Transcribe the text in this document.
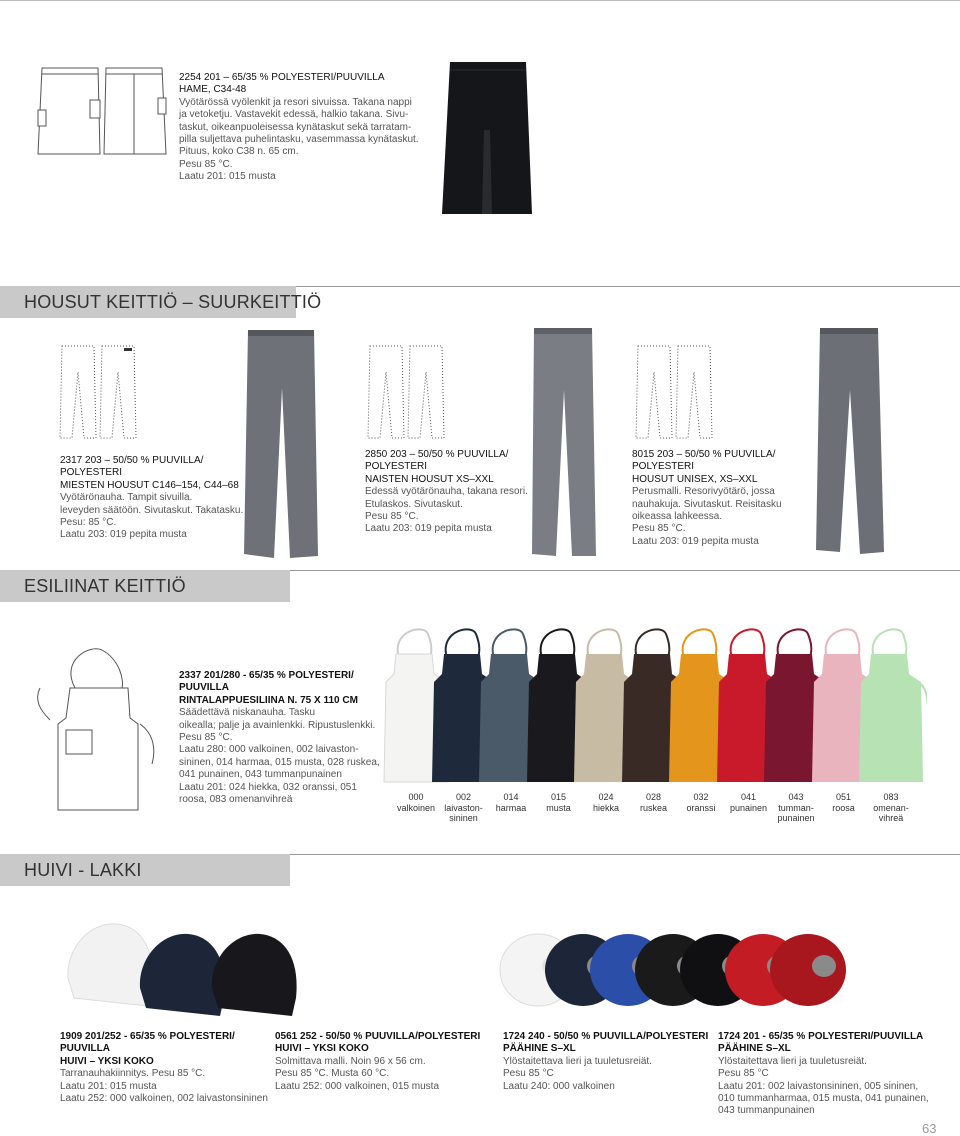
2254 201 – 65/35 % POLYESTERI/PUUVILLA
HAME, C34-48
Vyötärössä vyölenkit ja resori sivuissa. Takana nappi
ja vetoketju. Vastavekit edessä, halkio takana. Sivu-
taskut, oikeanpuoleisessa kynätaskut sekä tarratam-
pilla suljettava puhelintasku, vasemmassa kynätaskut.
Pituus, koko C38 n. 65 cm.
Pesu 85 °C.
Laatu 201: 015 musta
HOUSUT KEITTIÖ – SUURKEITTIÖ
2317 203 – 50/50 % PUUVILLA/
POLYESTERI
MIESTEN HOUSUT C146–154, C44–68
Vyötärönauha. Tampit sivuilla.
leveyden säätöön. Sivutaskut. Takatasku.
Pesu: 85 °C.
Laatu 203: 019 pepita musta
2850 203 – 50/50 % PUUVILLA/
POLYESTERI
NAISTEN HOUSUT XS–XXL
Edessä vyötärönauha, takana resori.
Etulaskos. Sivutaskut.
Pesu 85 °C.
Laatu 203: 019 pepita musta
8015 203 – 50/50 % PUUVILLA/
POLYESTERI
HOUSUT UNISEX, XS–XXL
Perusmalli. Resorivyötärö, jossa
nauhakuja. Sivutaskut. Reisitasku
oikeassa lahkeessa.
Pesu 85 °C.
Laatu 203: 019 pepita musta
ESILIINAT KEITTIÖ
2337 201/280 - 65/35 % POLYESTERI/
PUUVILLA
RINTALAPPUESILIINA N. 75 X 110 CM
Säädettävä niskanauha. Tasku
oikealla; palje ja avainlenkki. Ripustuslenkki.
Pesu 85 °C.
Laatu 280: 000 valkoinen, 002 laivaston-
sininen, 014 harmaa, 015 musta, 028 ruskea,
041 punainen, 043 tummanpunainen
Laatu 201: 024 hiekka, 032 oranssi, 051
roosa, 083 omenanvihreä	000
valkoinen
002
laivaston-
sininen
014
harmaa
015
musta
024
hiekka
028
ruskea
032
oranssi
041
punainen
043
tumman-
punainen
051
roosa
083
omenan-
vihreä
HUIVI - LAKKI
1909 201/252 - 65/35 % POLYESTERI/
PUUVILLA
HUIVI – YKSI KOKO
Tarranauhakiinnitys. Pesu 85 °C.
Laatu 201: 015 musta
Laatu 252: 000 valkoinen, 002 laivastonsininen
0561 252 - 50/50 % PUUVILLA/POLYESTERI
HUIVI – YKSI KOKO
Solmittava malli. Noin 96 x 56 cm.
Pesu 85 °C. Musta 60 °C.
Laatu 252: 000 valkoinen, 015 musta
1724 240 - 50/50 % PUUVILLA/POLYESTERI
PÄÄHINE S–XL
Ylöstaitettava lieri ja tuuletusreiät.
Pesu 85 °C
Laatu 240: 000 valkoinen
1724 201 - 65/35 % POLYESTERI/PUUVILLA
PÄÄHINE S–XL
Ylöstaitettava lieri ja tuuletusreiät.
Pesu 85 °C
Laatu 201: 002 laivastonsininen, 005 sininen,
010 tummanharmaa, 015 musta, 041 punainen,
043 tummanpunainen
63
